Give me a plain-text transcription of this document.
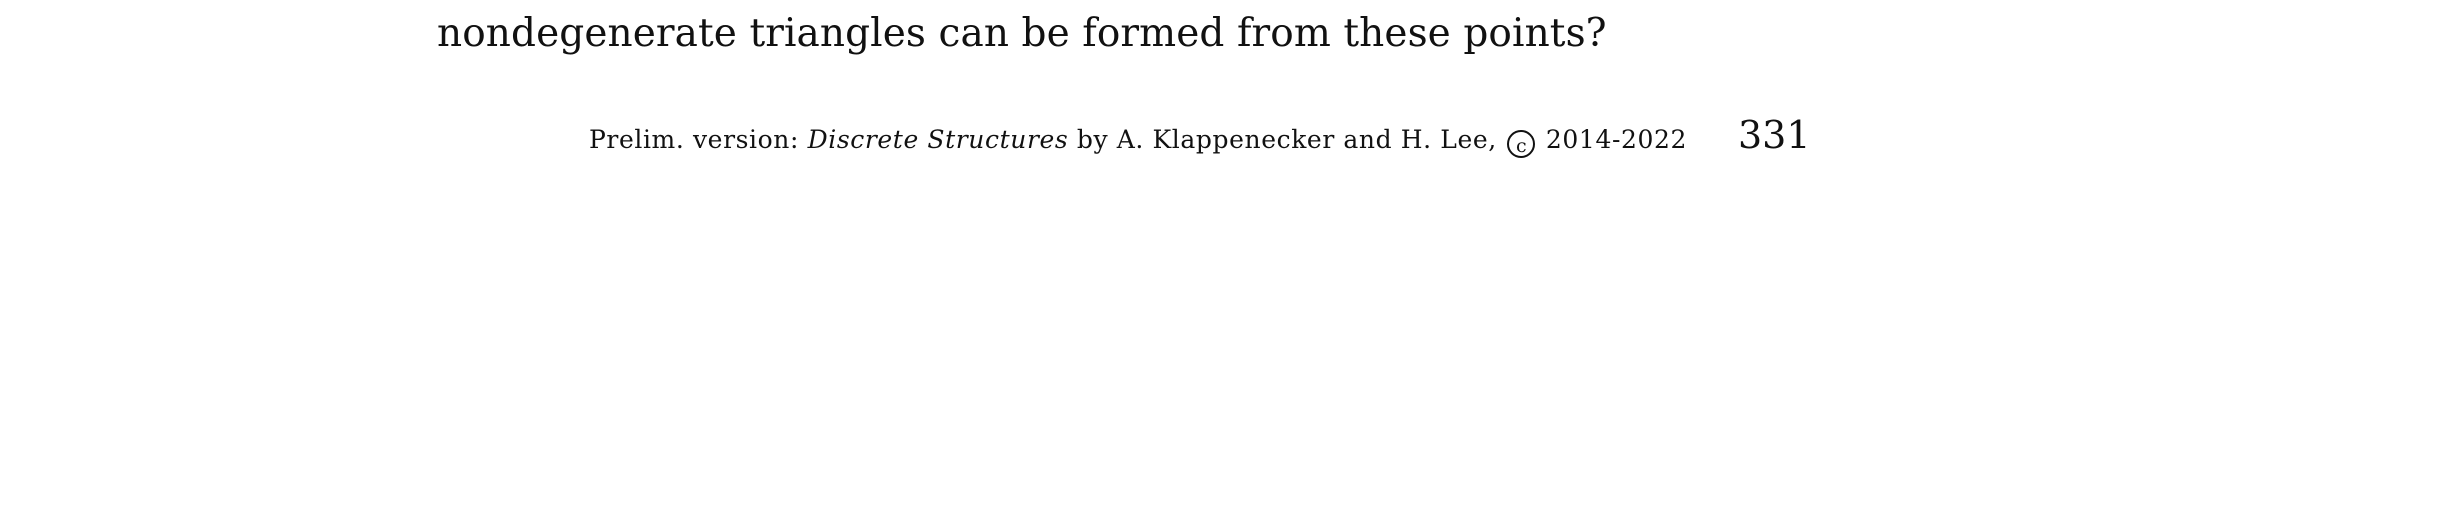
nondegenerate triangles can be formed from these points?
Prelim. version: Discrete Structures by A. Klappenecker and H. Lee, c 2014-2022 331
